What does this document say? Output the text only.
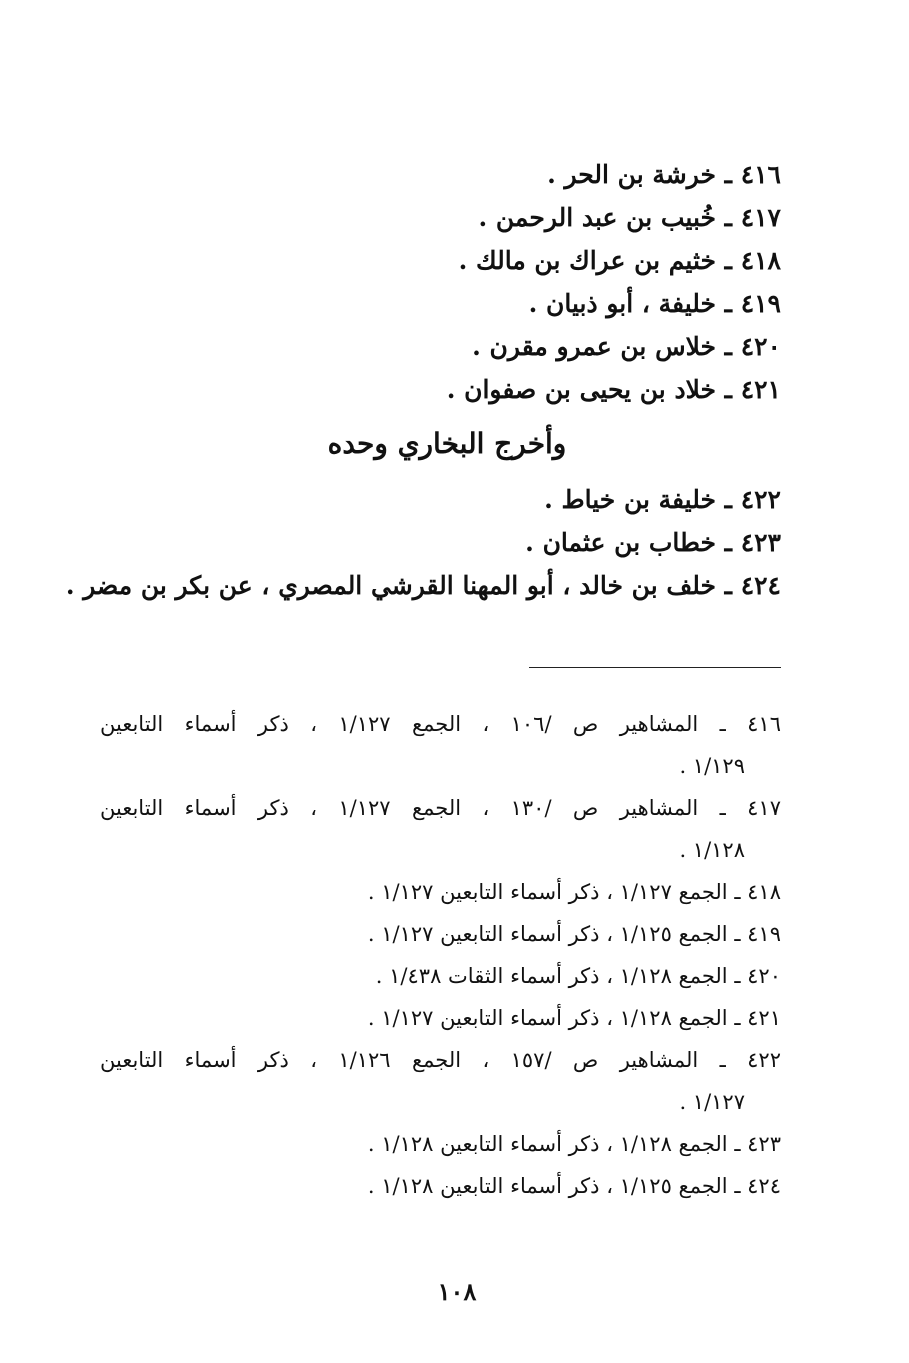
٤١٦ ـ خرشة بن الحر .
٤١٧ ـ خُبيب بن عبد الرحمن .
٤١٨ ـ خثيم بن عراك بن مالك .
٤١٩ ـ خليفة ، أبو ذبيان .
٤٢٠ ـ خلاس بن عمرو مقرن .
٤٢١ ـ خلاد بن يحيى بن صفوان .
وأخرج البخاري وحده
٤٢٢ ـ خليفة بن خياط .
٤٢٣ ـ خطاب بن عثمان .
٤٢٤ ـ خلف بن خالد ، أبو المهنا القرشي المصري ، عن بكر بن مضر .
٤١٦ ـ المشاهير ص /١٠٦ ، الجمع ١/١٢٧ ، ذكر أسماء التابعين
١/١٢٩ .
٤١٧ ـ المشاهير ص /١٣٠ ، الجمع ١/١٢٧ ، ذكر أسماء التابعين
١/١٢٨ .
٤١٨ ـ الجمع ١/١٢٧ ، ذكر أسماء التابعين ١/١٢٧ .
٤١٩ ـ الجمع ١/١٢٥ ، ذكر أسماء التابعين ١/١٢٧ .
٤٢٠ ـ الجمع ١/١٢٨ ، ذكر أسماء الثقات ١/٤٣٨ .
٤٢١ ـ الجمع ١/١٢٨ ، ذكر أسماء التابعين ١/١٢٧ .
٤٢٢ ـ المشاهير ص /١٥٧ ، الجمع ١/١٢٦ ، ذكر أسماء التابعين
١/١٢٧ .
٤٢٣ ـ الجمع ١/١٢٨ ، ذكر أسماء التابعين ١/١٢٨ .
٤٢٤ ـ الجمع ١/١٢٥ ، ذكر أسماء التابعين ١/١٢٨ .
١٠٨
